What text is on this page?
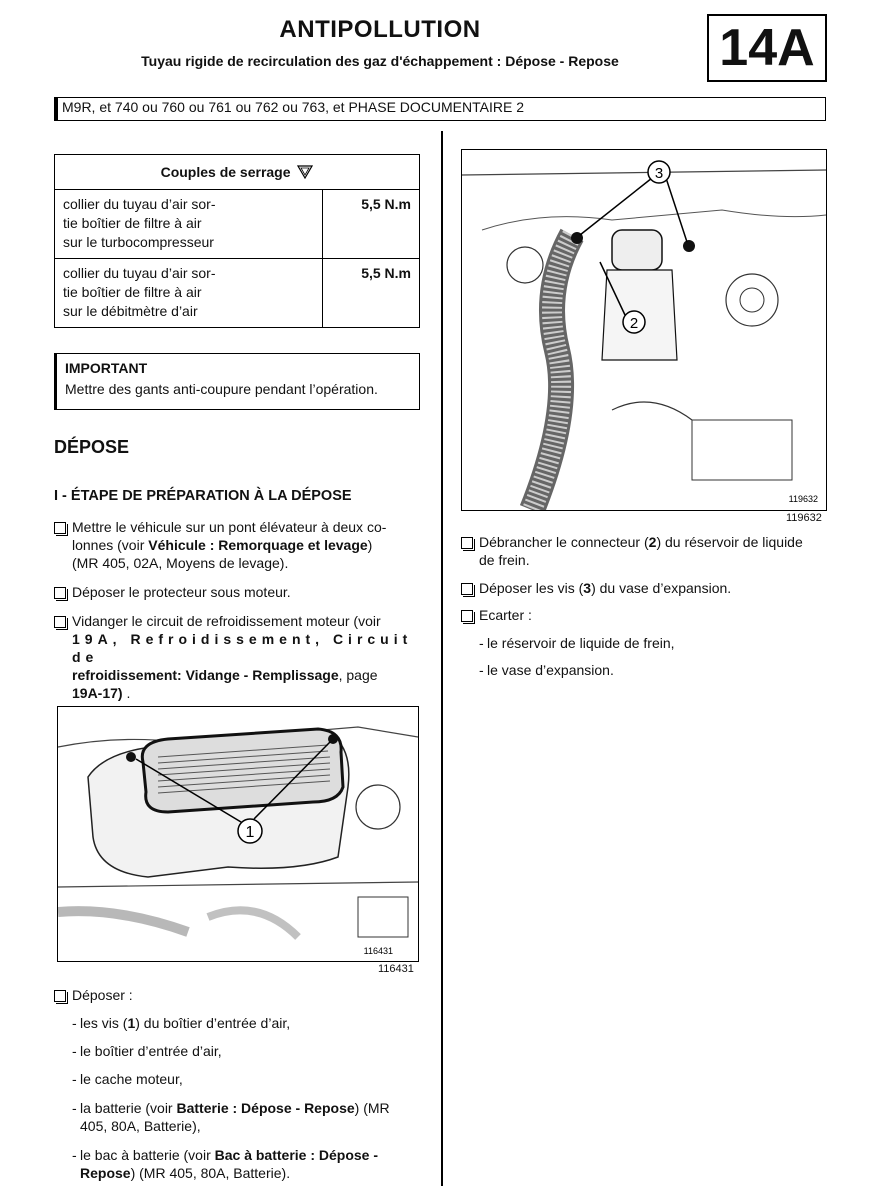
ANTIPOLLUTION
Tuyau rigide de recirculation des gaz d'échappement : Dépose - Repose	14A
M9R, et 740 ou 760 ou 761 ou 762 ou 763, et PHASE DOCUMENTAIRE 2
Couples de serrage	

collier du tuyau d’air sor-
tie boîtier de filtre à air
sur le turbocompresseur	5,5 N.m

collier du tuyau d’air sor-
tie boîtier de filtre à air
sur le débitmètre d’air	5,5 N.m
IMPORTANT
Mettre des gants anti-coupure pendant l’opération.
DÉPOSE
I - ÉTAPE DE PRÉPARATION À LA DÉPOSE
Mettre le véhicule sur un pont élévateur à deux co-
lonnes (voir Véhicule : Remorquage et levage)
(MR 405, 02A, Moyens de levage).
Déposer le protecteur sous moteur.
Vidanger le circuit de refroidissement moteur (voir
19A, Refroidissement, Circuit de
refroidissement: Vidange - Remplissage, page
19A-17) .
1
116431
116431
Déposer :
- les vis (1) du boîtier d’entrée d’air,
- le boîtier d’entrée d’air,
- le cache moteur,
- la batterie (voir Batterie : Dépose - Repose) (MR
405, 80A, Batterie),
- le bac à batterie (voir Bac à batterie : Dépose -
Repose) (MR 405, 80A, Batterie).
3
2
119632
119632
Débrancher le connecteur (2) du réservoir de liquide
de frein.
Déposer les vis (3) du vase d’expansion.
Ecarter :
- le réservoir de liquide de frein,
- le vase d’expansion.
